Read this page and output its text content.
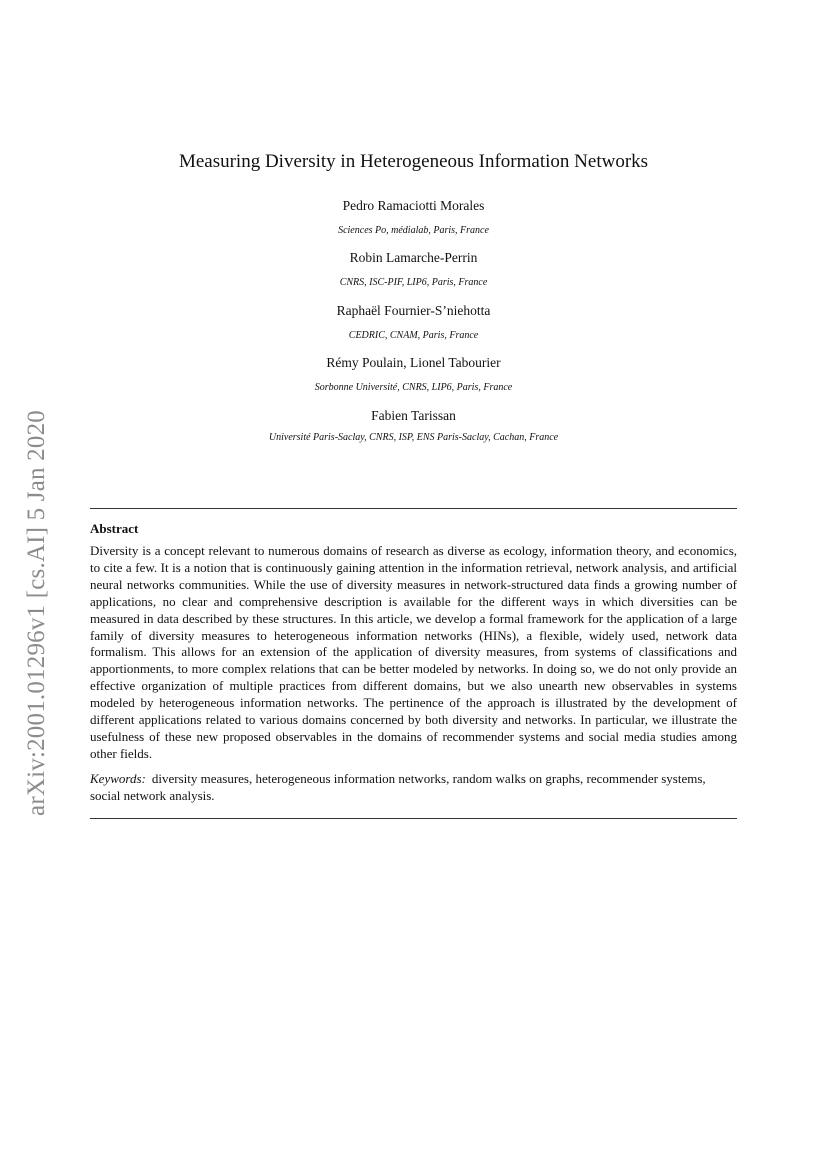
arXiv:2001.01296v1 [cs.AI] 5 Jan 2020
Measuring Diversity in Heterogeneous Information Networks
Pedro Ramaciotti Morales
Sciences Po, médialab, Paris, France
Robin Lamarche-Perrin
CNRS, ISC-PIF, LIP6, Paris, France
Raphaël Fournier-S’niehotta
CEDRIC, CNAM, Paris, France
Rémy Poulain, Lionel Tabourier
Sorbonne Université, CNRS, LIP6, Paris, France
Fabien Tarissan
Université Paris-Saclay, CNRS, ISP, ENS Paris-Saclay, Cachan, France
Abstract

Diversity is a concept relevant to numerous domains of research as diverse as ecology, information theory, and economics, to cite a few. It is a notion that is continuously gaining attention in the information retrieval, network analysis, and artificial neural networks communities. While the use of diversity measures in network-structured data finds a growing number of applications, no clear and comprehensive description is available for the different ways in which diversities can be measured in data described by these structures. In this article, we develop a formal framework for the application of a large family of diversity measures to heterogeneous information networks (HINs), a flexible, widely used, network data formalism. This allows for an extension of the application of diversity measures, from systems of classifications and apportionments, to more complex relations that can be better modeled by networks. In doing so, we do not only provide an effective organization of multiple practices from different domains, but we also unearth new observables in systems modeled by heterogeneous information networks. The pertinence of the approach is illustrated by the development of different applications related to various domains concerned by both diversity and networks. In particular, we illustrate the usefulness of these new proposed observables in the domains of recommender systems and social media studies among other fields.

Keywords: diversity measures, heterogeneous information networks, random walks on graphs, recommender systems, social network analysis.
